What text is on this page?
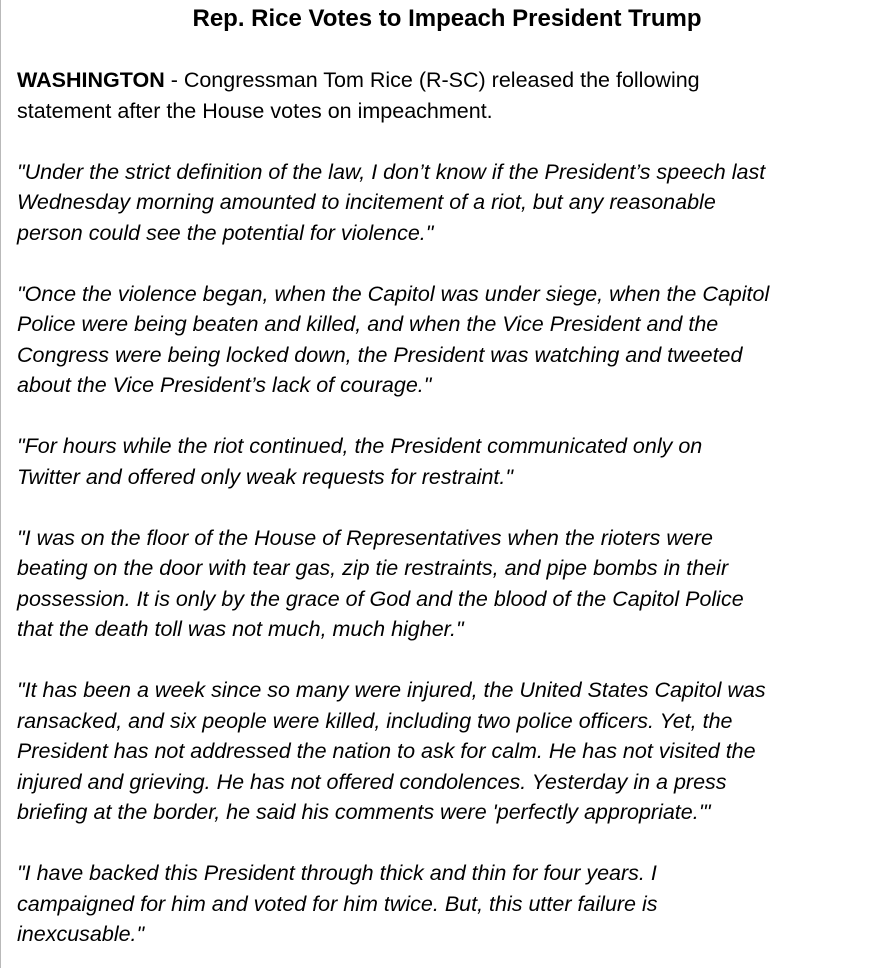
Rep. Rice Votes to Impeach President Trump

WASHINGTON - Congressman Tom Rice (R-SC) released the following
statement after the House votes on impeachment.

"Under the strict definition of the law, I don’t know if the President’s speech last
Wednesday morning amounted to incitement of a riot, but any reasonable
person could see the potential for violence."

"Once the violence began, when the Capitol was under siege, when the Capitol
Police were being beaten and killed, and when the Vice President and the
Congress were being locked down, the President was watching and tweeted
about the Vice President’s lack of courage."

"For hours while the riot continued, the President communicated only on
Twitter and offered only weak requests for restraint."

"I was on the floor of the House of Representatives when the rioters were
beating on the door with tear gas, zip tie restraints, and pipe bombs in their
possession. It is only by the grace of God and the blood of the Capitol Police
that the death toll was not much, much higher."

"It has been a week since so many were injured, the United States Capitol was
ransacked, and six people were killed, including two police officers. Yet, the
President has not addressed the nation to ask for calm. He has not visited the
injured and grieving. He has not offered condolences. Yesterday in a press
briefing at the border, he said his comments were 'perfectly appropriate.'"

"I have backed this President through thick and thin for four years. I
campaigned for him and voted for him twice. But, this utter failure is
inexcusable."
